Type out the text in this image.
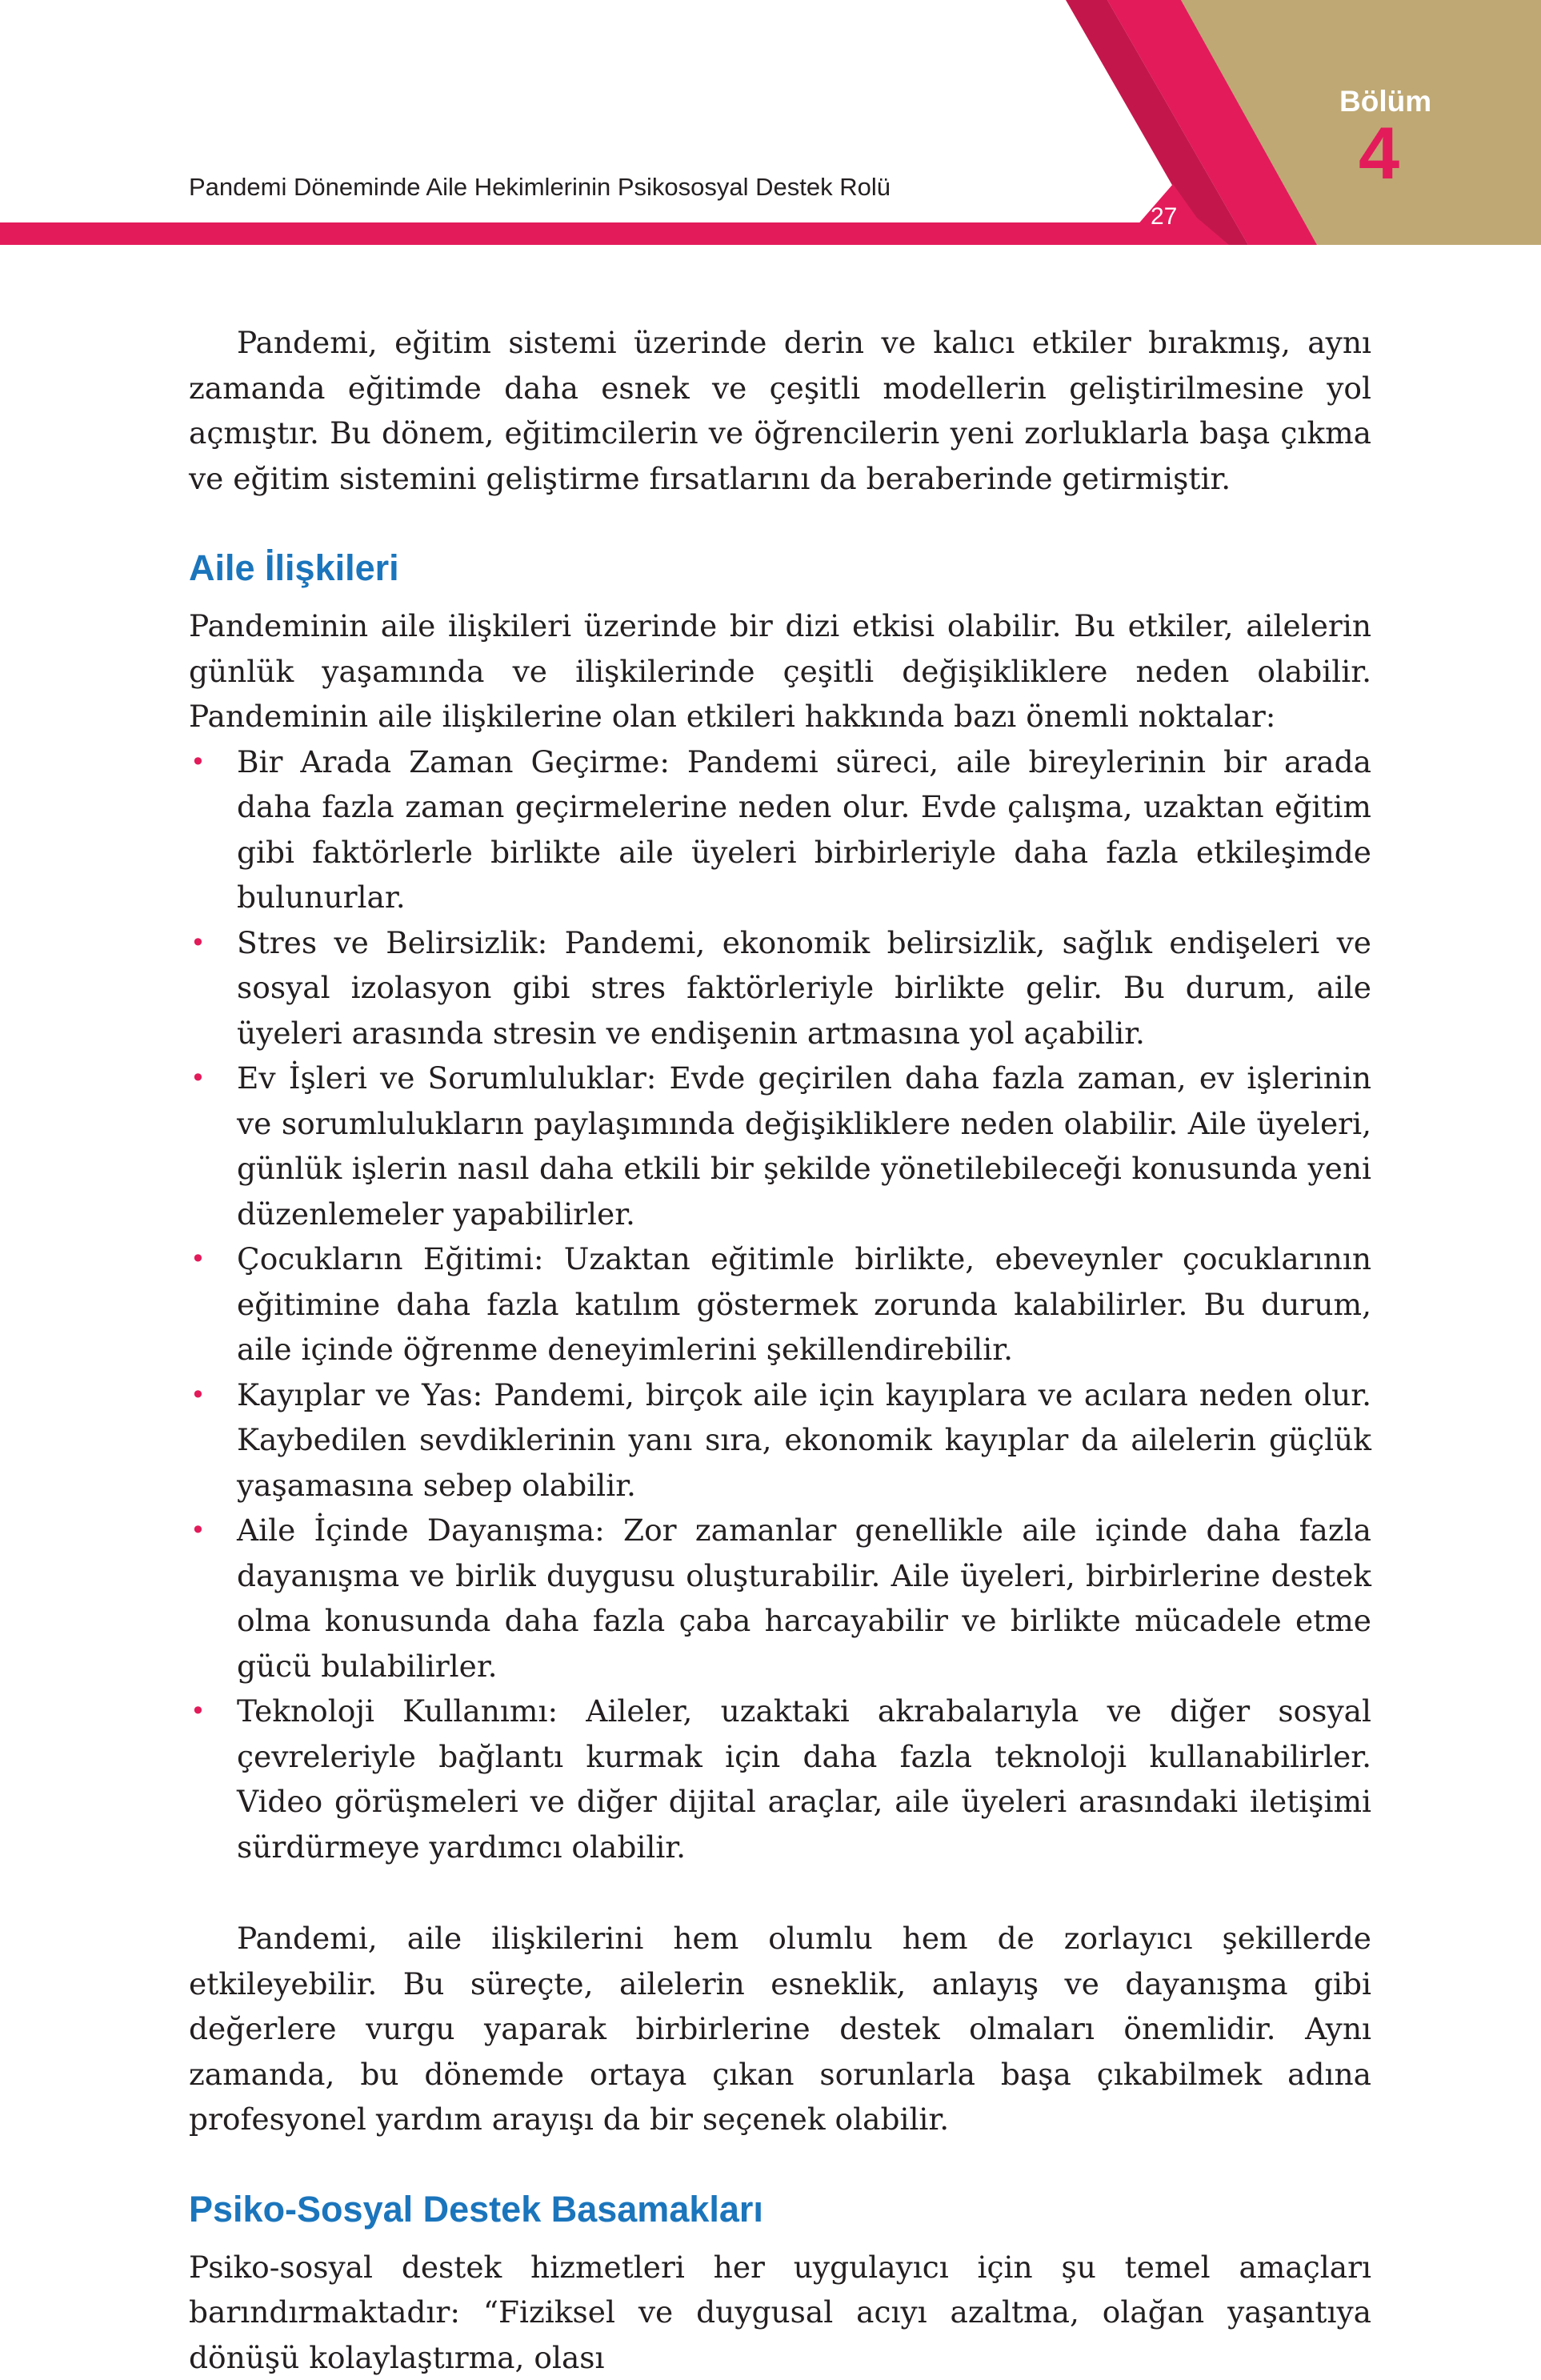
Pandemi Döneminde Aile Hekimlerinin Psikososyal Destek Rolü
27
Bölüm
4

Pandemi, eğitim sistemi üzerinde derin ve kalıcı etkiler bırakmış, aynı zamanda eğitimde daha esnek ve çeşitli modellerin geliştirilmesine yol açmıştır. Bu dönem, eğitimcilerin ve öğrencilerin yeni zorluklarla başa çıkma ve eğitim sistemini geliştirme fırsatlarını da beraberinde getirmiştir.

Aile İlişkileri

Pandeminin aile ilişkileri üzerinde bir dizi etkisi olabilir. Bu etkiler, ailelerin günlük yaşamında ve ilişkilerinde çeşitli değişikliklere neden olabilir. Pandeminin aile ilişkilerine olan etkileri hakkında bazı önemli noktalar:

• Bir Arada Zaman Geçirme: Pandemi süreci, aile bireylerinin bir arada daha fazla zaman geçirmelerine neden olur. Evde çalışma, uzaktan eğitim gibi faktörlerle birlikte aile üyeleri birbirleriyle daha fazla etkileşimde bulunurlar.
• Stres ve Belirsizlik: Pandemi, ekonomik belirsizlik, sağlık endişeleri ve sosyal izolasyon gibi stres faktörleriyle birlikte gelir. Bu durum, aile üyeleri arasında stresin ve endişenin artmasına yol açabilir.
• Ev İşleri ve Sorumluluklar: Evde geçirilen daha fazla zaman, ev işlerinin ve sorumlulukların paylaşımında değişikliklere neden olabilir. Aile üyeleri, günlük işlerin nasıl daha etkili bir şekilde yönetilebileceği konusunda yeni düzenlemeler yapabilirler.
• Çocukların Eğitimi: Uzaktan eğitimle birlikte, ebeveynler çocuklarının eğitimine daha fazla katılım göstermek zorunda kalabilirler. Bu durum, aile içinde öğrenme deneyimlerini şekillendirebilir.
• Kayıplar ve Yas: Pandemi, birçok aile için kayıplara ve acılara neden olur. Kaybedilen sevdiklerinin yanı sıra, ekonomik kayıplar da ailelerin güçlük yaşamasına sebep olabilir.
• Aile İçinde Dayanışma: Zor zamanlar genellikle aile içinde daha fazla dayanışma ve birlik duygusu oluşturabilir. Aile üyeleri, birbirlerine destek olma konusunda daha fazla çaba harcayabilir ve birlikte mücadele etme gücü bulabilirler.
• Teknoloji Kullanımı: Aileler, uzaktaki akrabalarıyla ve diğer sosyal çevreleriyle bağlantı kurmak için daha fazla teknoloji kullanabilirler. Video görüşmeleri ve diğer dijital araçlar, aile üyeleri arasındaki iletişimi sürdürmeye yardımcı olabilir.

Pandemi, aile ilişkilerini hem olumlu hem de zorlayıcı şekillerde etkileyebilir. Bu süreçte, ailelerin esneklik, anlayış ve dayanışma gibi değerlere vurgu yaparak birbirlerine destek olmaları önemlidir. Aynı zamanda, bu dönemde ortaya çıkan sorunlarla başa çıkabilmek adına profesyonel yardım arayışı da bir seçenek olabilir.

Psiko-Sosyal Destek Basamakları

Psiko-sosyal destek hizmetleri her uygulayıcı için şu temel amaçları barındırmaktadır: “Fiziksel ve duygusal acıyı azaltma, olağan yaşantıya dönüşü kolaylaştırma, olası
